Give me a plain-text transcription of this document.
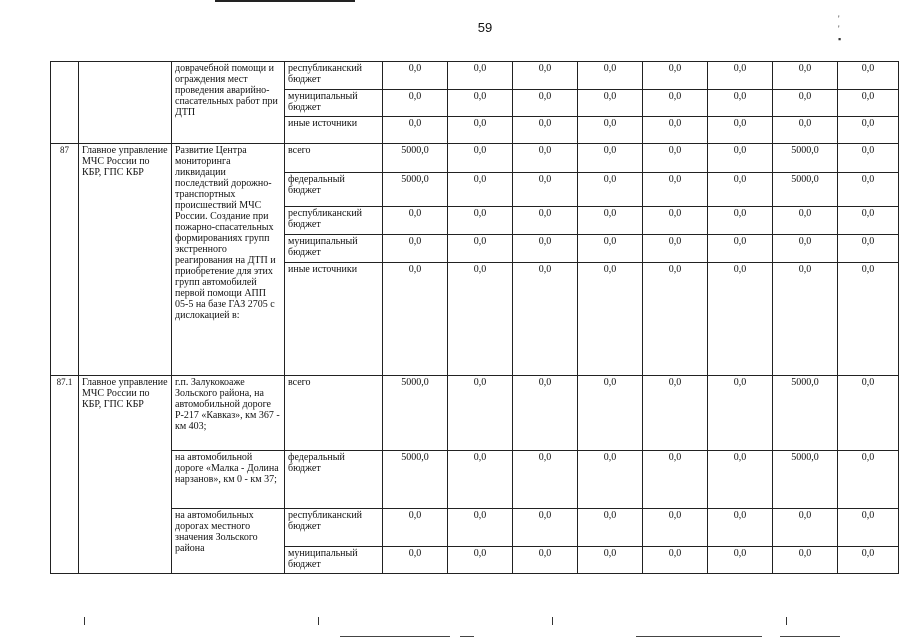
59
' ' ▪
		доврачебной помощи и ограждения мест проведения аварийно-спасательных работ при ДТП	республиканский бюджет	0,0	0,0	0,0	0,0	0,0	0,0	0,0	0,0
			муниципальный бюджет	0,0	0,0	0,0	0,0	0,0	0,0	0,0	0,0
			иные источники	0,0	0,0	0,0	0,0	0,0	0,0	0,0	0,0
87	Главное управление МЧС России по КБР, ГПС КБР	Развитие Центра мониторинга ликвидации последствий дорожно-транспортных происшествий МЧС России. Создание при пожарно-спасательных формированиях групп экстренного реагирования на ДТП и приобретение для этих групп автомобилей первой помощи АПП 05-5 на базе ГАЗ 2705 с дислокацией в:	всего	5000,0	0,0	0,0	0,0	0,0	0,0	5000,0	0,0
			федеральный бюджет	5000,0	0,0	0,0	0,0	0,0	0,0	5000,0	0,0
			республиканский бюджет	0,0	0,0	0,0	0,0	0,0	0,0	0,0	0,0
			муниципальный бюджет	0,0	0,0	0,0	0,0	0,0	0,0	0,0	0,0
			иные источники	0,0	0,0	0,0	0,0	0,0	0,0	0,0	0,0
87.1	Главное управление МЧС России по КБР, ГПС КБР	г.п. Залукокоаже Зольского района, на автомобильной дороге Р-217 «Кавказ», км 367 - км 403;	всего	5000,0	0,0	0,0	0,0	0,0	0,0	5000,0	0,0
		на автомобильной дороге «Малка - Долина нарзанов», км 0 - км 37;	федеральный бюджет	5000,0	0,0	0,0	0,0	0,0	0,0	5000,0	0,0
		на автомобильных дорогах местного значения Зольского района	республиканский бюджет	0,0	0,0	0,0	0,0	0,0	0,0	0,0	0,0
			муниципальный бюджет	0,0	0,0	0,0	0,0	0,0	0,0	0,0	0,0
